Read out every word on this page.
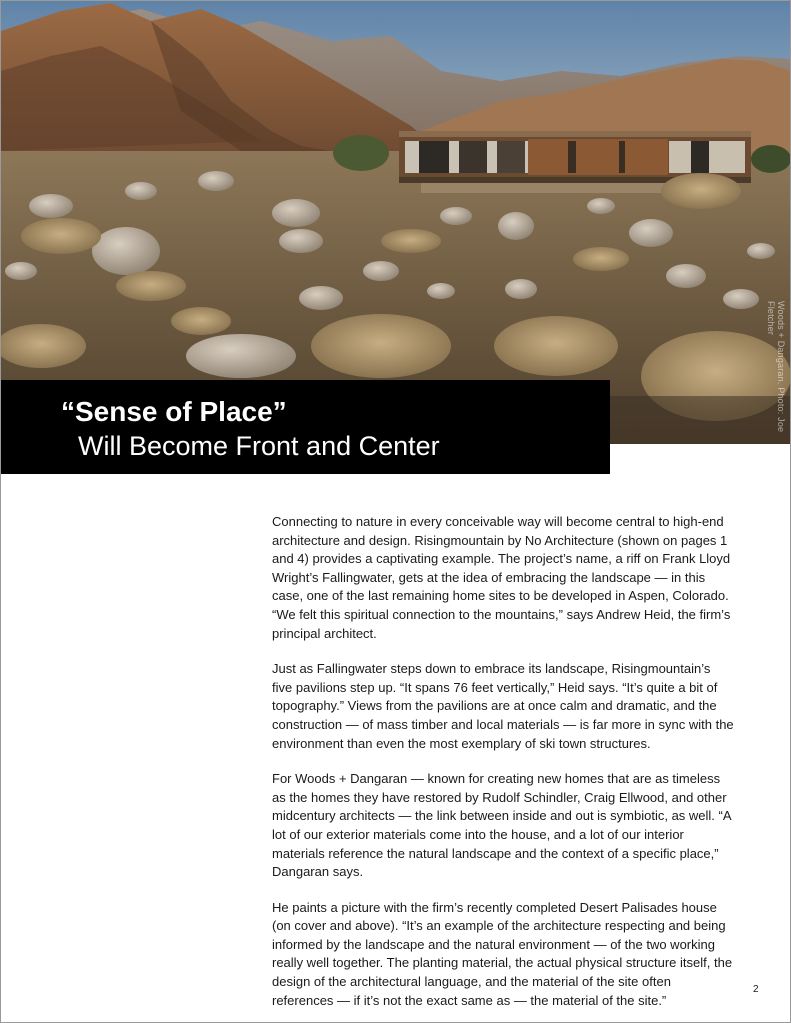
Woods + Dangaran. Photo: Joe Fletcher
“Sense of Place”
Will Become Front and Center

Connecting to nature in every conceivable way will become central to high-end architecture and design. Risingmountain by No Architecture (shown on pages 1 and 4) provides a captivating example. The project’s name, a riff on Frank Lloyd Wright’s Fallingwater, gets at the idea of embracing the landscape — in this case, one of the last remaining home sites to be developed in Aspen, Colorado. “We felt this spiritual connection to the mountains,” says Andrew Heid, the firm’s principal architect.

Just as Fallingwater steps down to embrace its landscape, Risingmountain’s five pavilions step up. “It spans 76 feet vertically,” Heid says. “It’s quite a bit of topography.” Views from the pavilions are at once calm and dramatic, and the construction — of mass timber and local materials — is far more in sync with the environment than even the most exemplary of ski town structures.

For Woods + Dangaran — known for creating new homes that are as timeless as the homes they have restored by Rudolf Schindler, Craig Ellwood, and other midcentury architects — the link between inside and out is symbiotic, as well. “A lot of our exterior materials come into the house, and a lot of our interior materials reference the natural landscape and the context of a specific place,” Dangaran says.

He paints a picture with the firm’s recently completed Desert Palisades house (on cover and above). “It’s an example of the architecture respecting and being informed by the landscape and the natural environment — of the two working really well together. The planting material, the actual physical structure itself, the design of the architectural language, and the material of the site often references — if it’s not the exact same as — the material of the site.”

2
